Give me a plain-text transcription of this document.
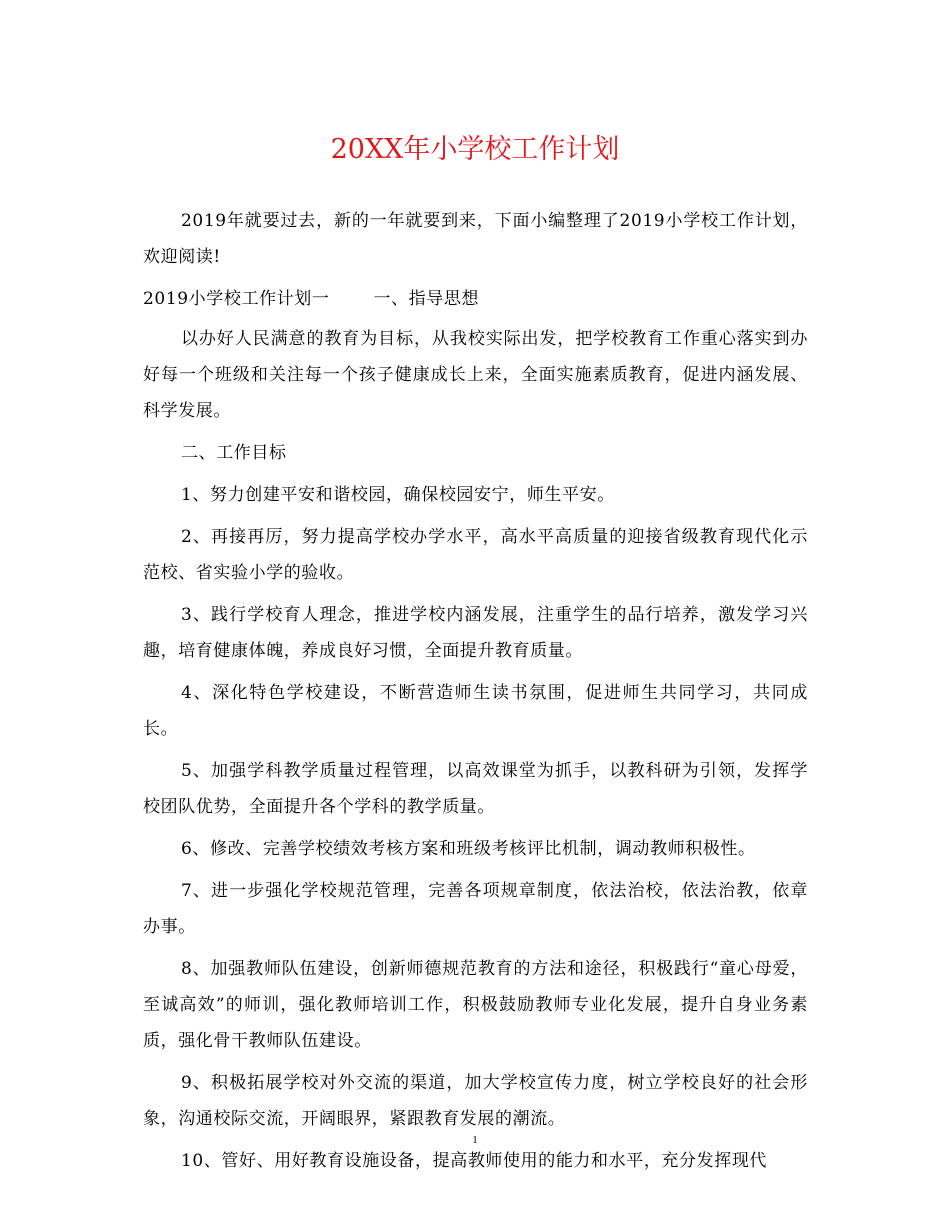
20XX年小学校工作计划

2019年就要过去，新的一年就要到来，下面小编整理了2019小学校工作计划，欢迎阅读!

2019小学校工作计划一	一、指导思想

以办好人民满意的教育为目标，从我校实际出发，把学校教育工作重心落实到办好每一个班级和关注每一个孩子健康成长上来，全面实施素质教育，促进内涵发展、科学发展。

二、工作目标

1、努力创建平安和谐校园，确保校园安宁，师生平安。

2、再接再厉，努力提高学校办学水平，高水平高质量的迎接省级教育现代化示范校、省实验小学的验收。

3、践行学校育人理念，推进学校内涵发展，注重学生的品行培养，激发学习兴趣，培育健康体魄，养成良好习惯，全面提升教育质量。

4、深化特色学校建设，不断营造师生读书氛围，促进师生共同学习，共同成长。

5、加强学科教学质量过程管理，以高效课堂为抓手，以教科研为引领，发挥学校团队优势，全面提升各个学科的教学质量。

6、修改、完善学校绩效考核方案和班级考核评比机制，调动教师积极性。

7、进一步强化学校规范管理，完善各项规章制度，依法治校，依法治教，依章办事。

8、加强教师队伍建设，创新师德规范教育的方法和途径，积极践行“童心母爱，至诚高效”的师训，强化教师培训工作，积极鼓励教师专业化发展，提升自身业务素质，强化骨干教师队伍建设。

9、积极拓展学校对外交流的渠道，加大学校宣传力度，树立学校良好的社会形象，沟通校际交流，开阔眼界，紧跟教育发展的潮流。

10、管好、用好教育设施设备，提高教师使用的能力和水平，充分发挥现代

1
